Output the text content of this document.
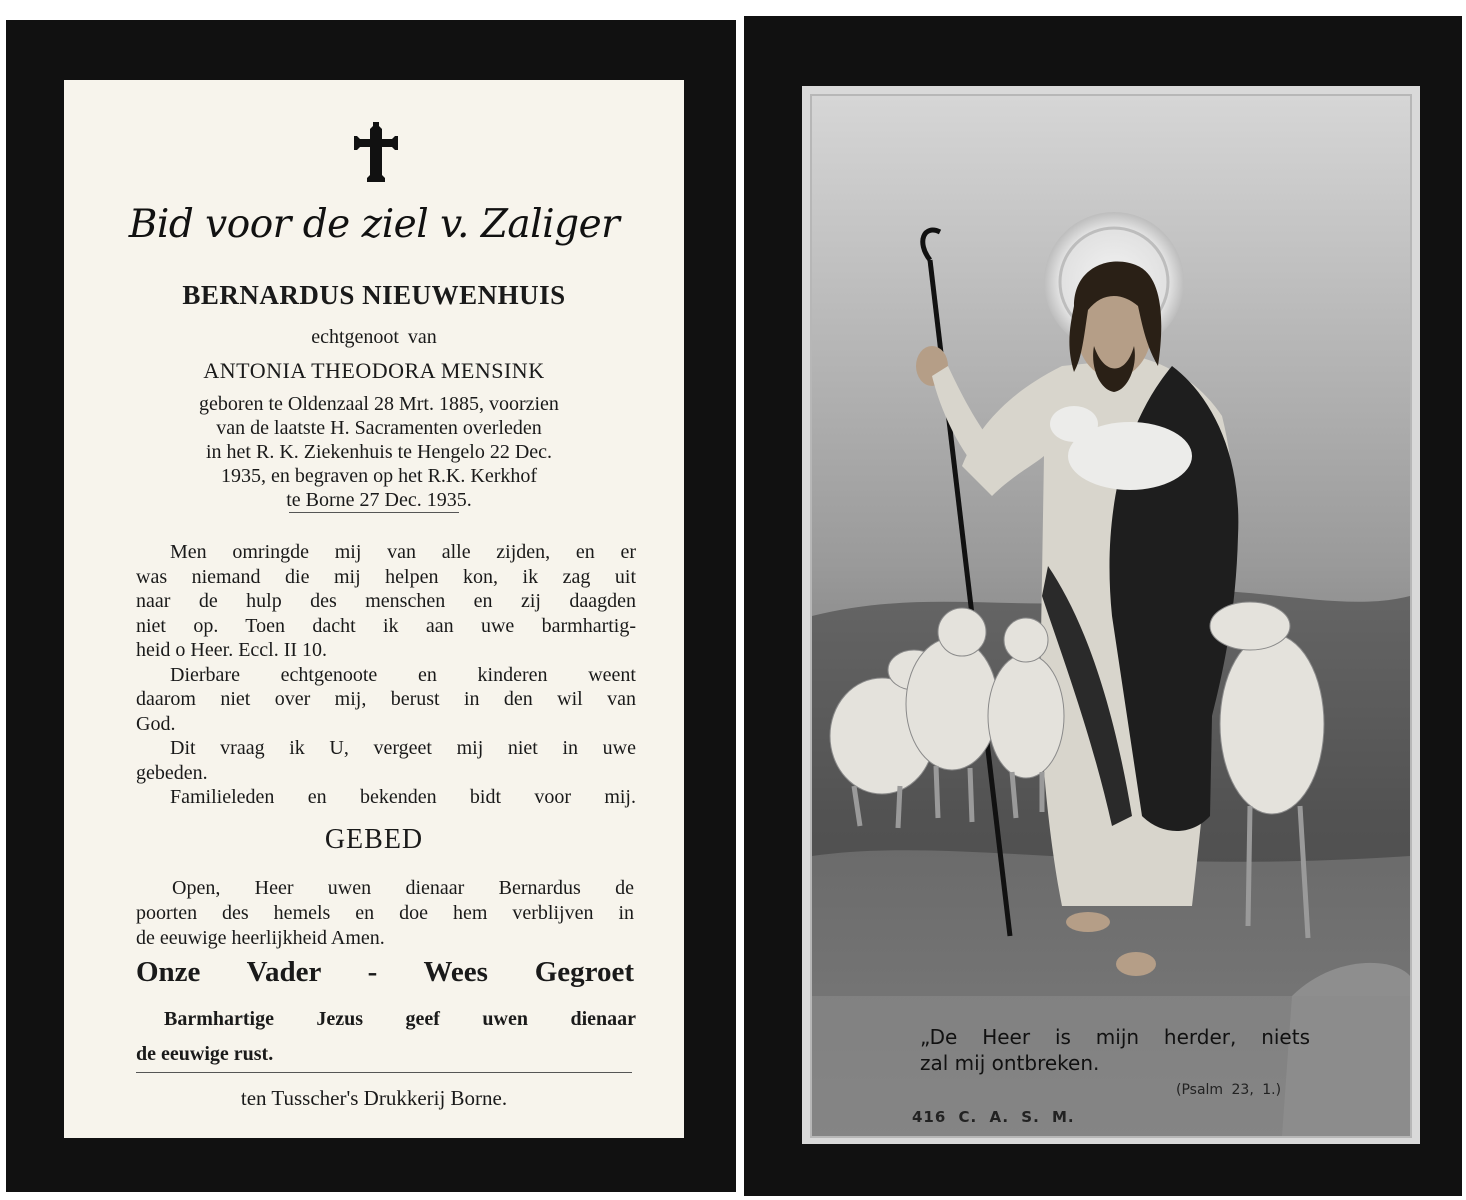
Bid voor de ziel v. Zaliger
BERNARDUS NIEUWENHUIS
echtgenoot van
ANTONIA THEODORA MENSINK
geboren te Oldenzaal 28 Mrt. 1885, voorzien
van de laatste H. Sacramenten overleden
in het R. K. Ziekenhuis te Hengelo 22 Dec.
1935, en begraven op het R.K. Kerkhof
te Borne 27 Dec. 1935.
Men omringde mij van alle zijden, en er
was niemand die mij helpen kon, ik zag uit
naar de hulp des menschen en zij daagden
niet op. Toen dacht ik aan uwe barmhartig-
heid o Heer. Eccl. II 10.
Dierbare echtgenoote en kinderen weent
daarom niet over mij, berust in den wil van
God.
Dit vraag ik U, vergeet mij niet in uwe
gebeden.
Familieleden en bekenden bidt voor mij.
GEBED
Open, Heer uwen dienaar Bernardus de
poorten des hemels en doe hem verblijven in
de eeuwige heerlijkheid Amen.
Onze Vader - Wees Gegroet
Barmhartige Jezus geef uwen dienaar
de eeuwige rust.
ten Tusscher's Drukkerij Borne.
„De Heer is mijn herder, niets
zal mij ontbreken.
(Psalm 23, 1.)
416 C. A. S. M.
